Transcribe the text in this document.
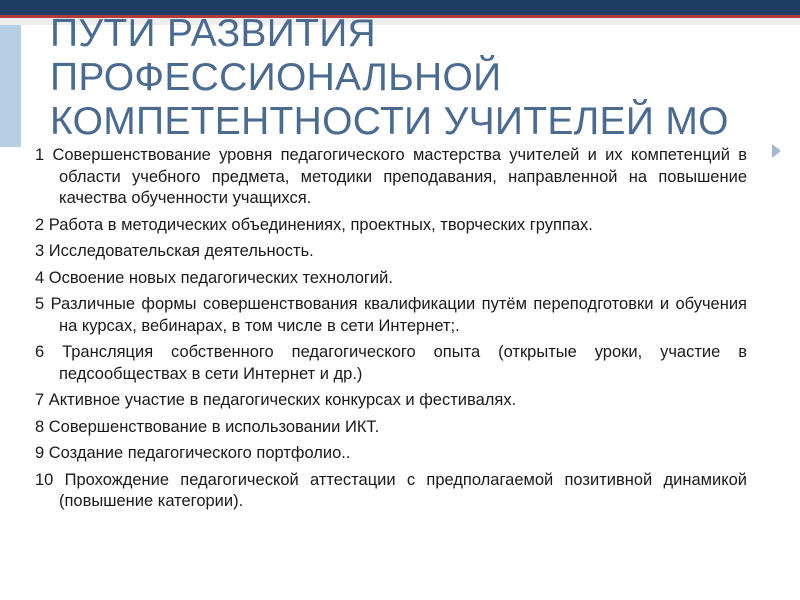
ПУТИ РАЗВИТИЯ
ПРОФЕССИОНАЛЬНОЙ
КОМПЕТЕНТНОСТИ УЧИТЕЛЕЙ МО
1 Совершенствование уровня педагогического мастерства учителей и их компетенций в области учебного предмета, методики преподавания, направленной на повышение качества обученности учащихся.
2 Работа в методических объединениях, проектных, творческих группах.
3 Исследовательская деятельность.
4 Освоение новых педагогических технологий.
5 Различные формы совершенствования квалификации путём переподготовки и обучения на курсах, вебинарах, в том числе в сети Интернет;.
6 Трансляция собственного педагогического опыта (открытые уроки, участие в педсообществах в сети Интернет и др.)
7 Активное участие в педагогических конкурсах и фестивалях.
8 Совершенствование в использовании ИКТ.
9 Создание педагогического портфолио..
10 Прохождение педагогической аттестации с предполагаемой позитивной динамикой (повышение категории).
